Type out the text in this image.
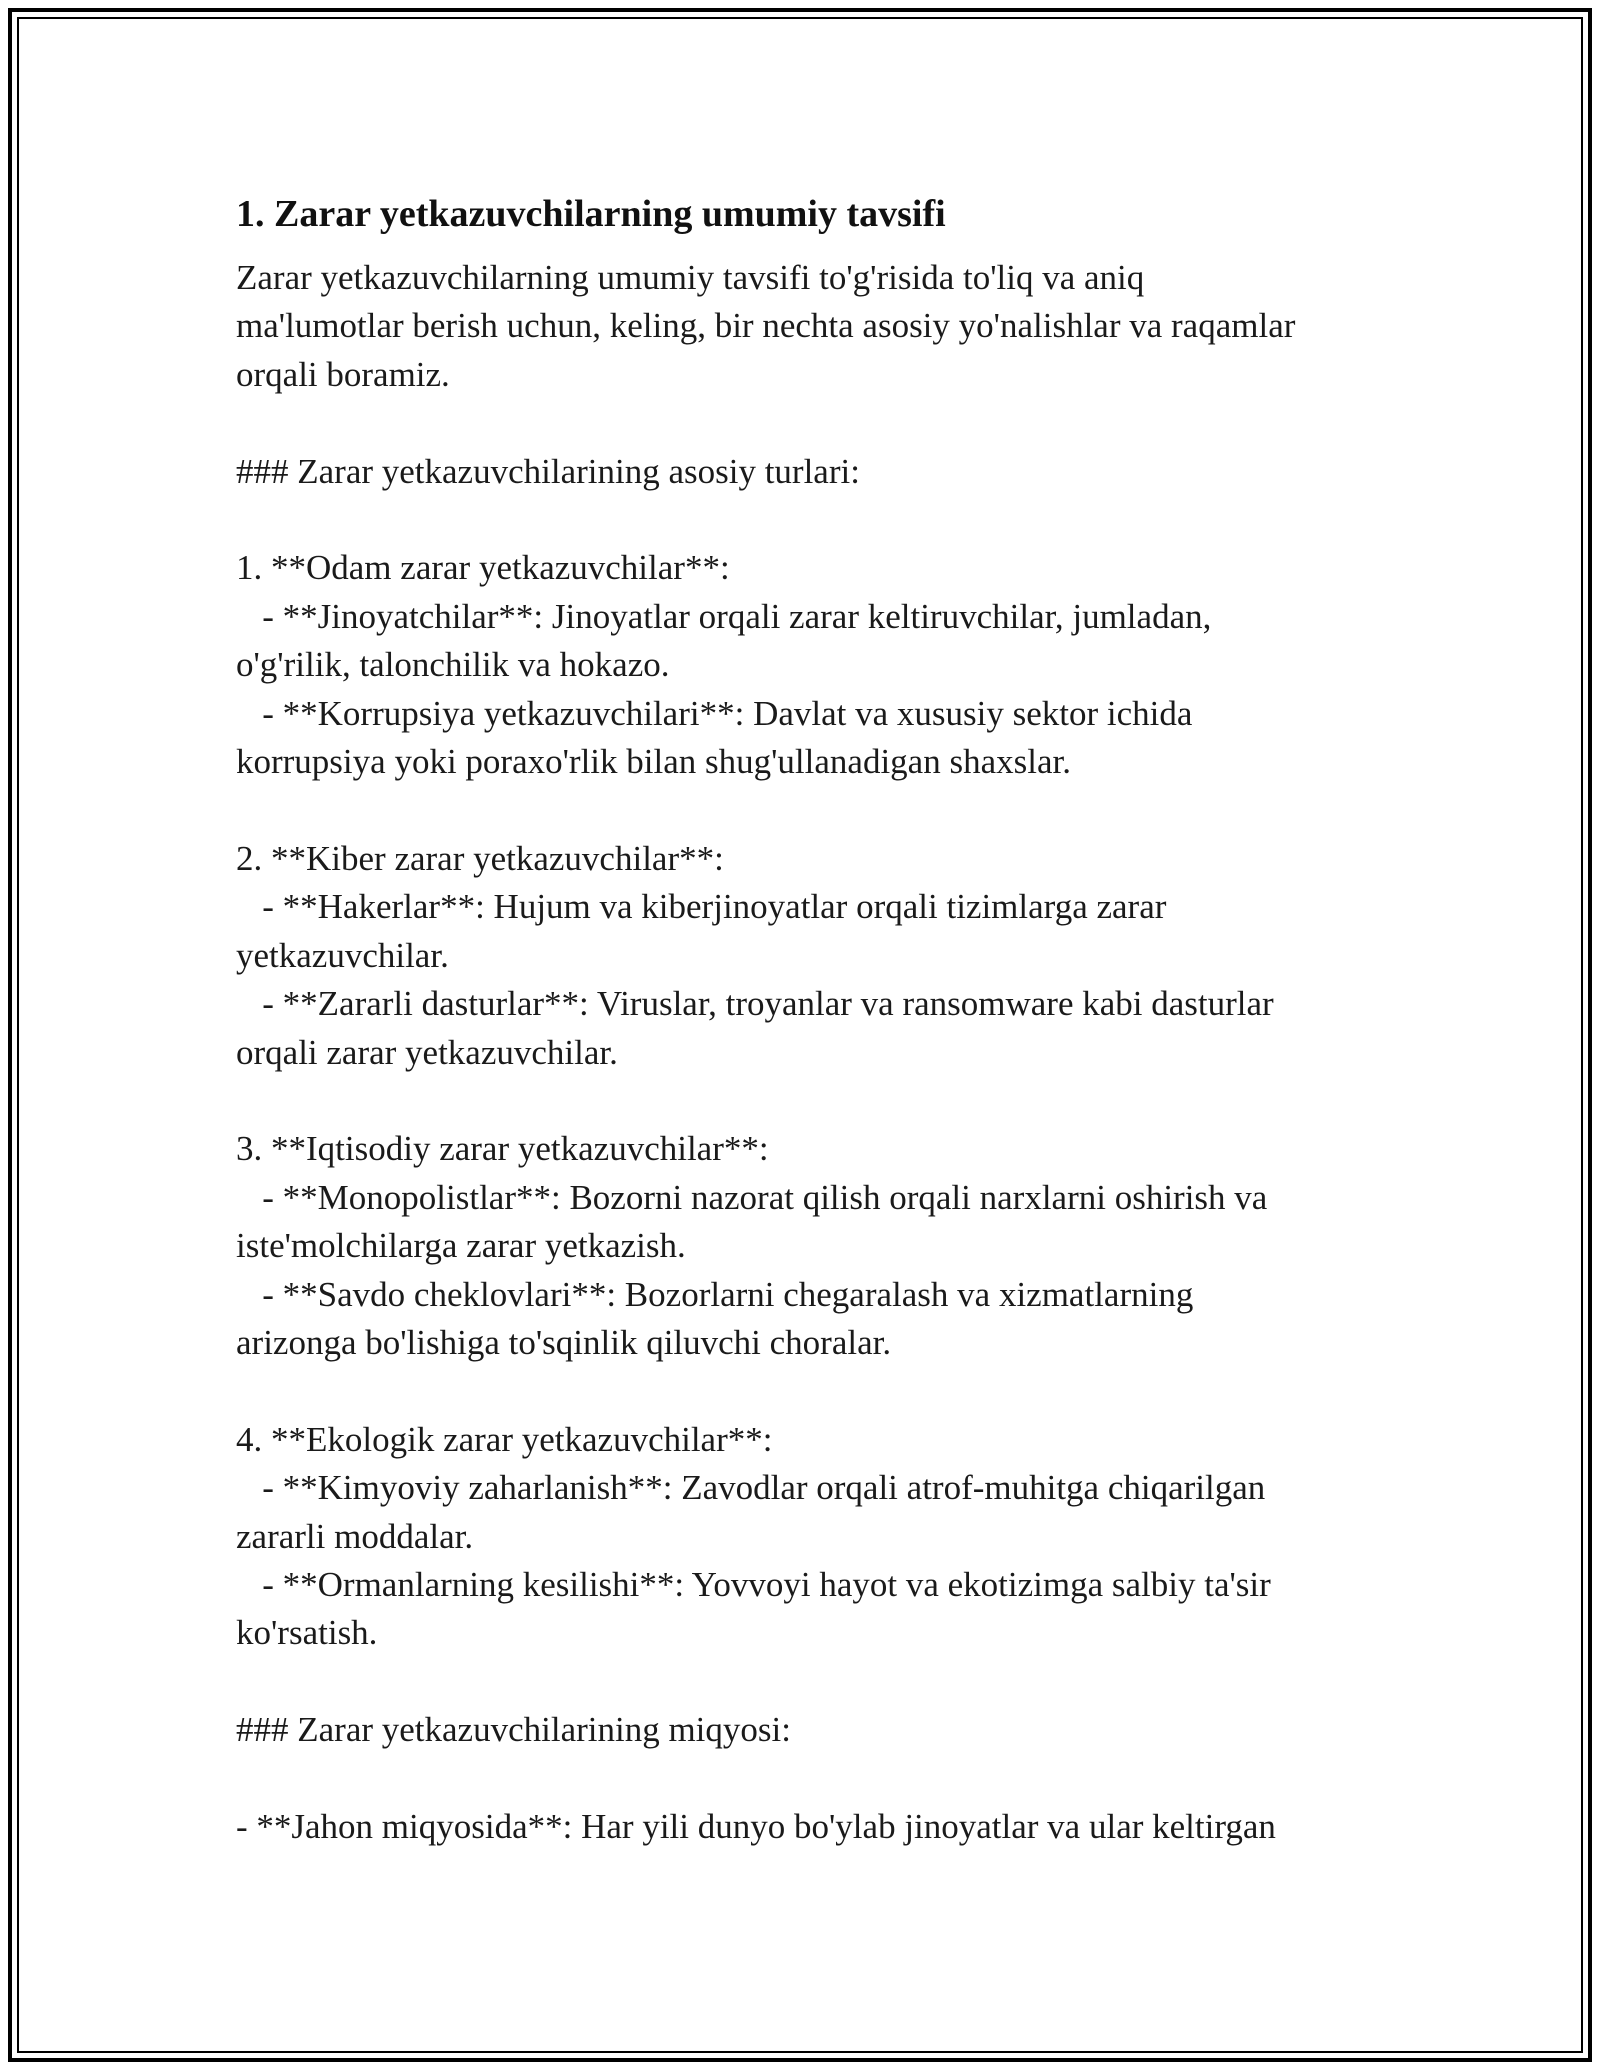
1. Zarar yetkazuvchilarning umumiy tavsifi
Zarar yetkazuvchilarning umumiy tavsifi to'g'risida to'liq va aniq
ma'lumotlar berish uchun, keling, bir nechta asosiy yo'nalishlar va raqamlar
orqali boramiz.

### Zarar yetkazuvchilarining asosiy turlari:

1. **Odam zarar yetkazuvchilar**:
- **Jinoyatchilar**: Jinoyatlar orqali zarar keltiruvchilar, jumladan,
o'g'rilik, talonchilik va hokazo.
- **Korrupsiya yetkazuvchilari**: Davlat va xususiy sektor ichida
korrupsiya yoki poraxo'rlik bilan shug'ullanadigan shaxslar.

2. **Kiber zarar yetkazuvchilar**:
- **Hakerlar**: Hujum va kiberjinoyatlar orqali tizimlarga zarar
yetkazuvchilar.
- **Zararli dasturlar**: Viruslar, troyanlar va ransomware kabi dasturlar
orqali zarar yetkazuvchilar.

3. **Iqtisodiy zarar yetkazuvchilar**:
- **Monopolistlar**: Bozorni nazorat qilish orqali narxlarni oshirish va
iste'molchilarga zarar yetkazish.
- **Savdo cheklovlari**: Bozorlarni chegaralash va xizmatlarning
arizonga bo'lishiga to'sqinlik qiluvchi choralar.

4. **Ekologik zarar yetkazuvchilar**:
- **Kimyoviy zaharlanish**: Zavodlar orqali atrof-muhitga chiqarilgan
zararli moddalar.
- **Ormanlarning kesilishi**: Yovvoyi hayot va ekotizimga salbiy ta'sir
ko'rsatish.

### Zarar yetkazuvchilarining miqyosi:

- **Jahon miqyosida**: Har yili dunyo bo'ylab jinoyatlar va ular keltirgan
